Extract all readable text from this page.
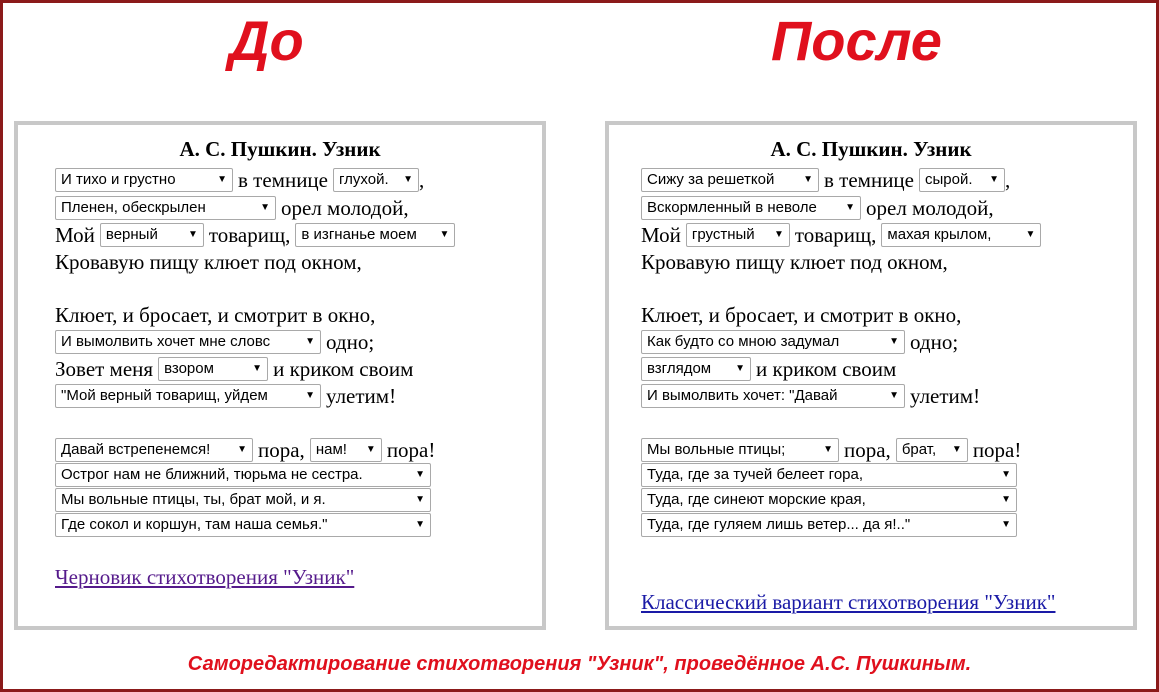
До	После
А. С. Пушкин. Узник
И тихо и грустно	▼ в темнице глухой. ▼ ,
Пленен, обескрылен	▼ орел молодой,
Мой верный	▼ товарищ, в изгнанье моем ▼
Кровавую пищу клюет под окном,
Клюет, и бросает, и смотрит в окно,
И вымолвить хочет мне словс	▼ одно;
Зовет меня взором	▼ и криком своим
"Мой верный товарищ, уйдем	▼ улетим!
Давай встрепенемся!	▼ пора, нам! ▼ пора!
Острог нам не ближний, тюрьма не сестра.	▼
Мы вольные птицы, ты, брат мой, и я.	▼
Где сокол и коршун, там наша семья."	▼
Черновик стихотворения "Узник"
А. С. Пушкин. Узник
Сижу за решеткой	▼ в темнице сырой. ▼ ,
Вскормленный в неволе	▼ орел молодой,
Мой грустный ▼ товарищ, махая крылом,	▼
Кровавую пищу клюет под окном,
Клюет, и бросает, и смотрит в окно,
Как будто со мною задумал	▼ одно;
взглядом ▼ и криком своим
И вымолвить хочет: "Давай	▼ улетим!
Мы вольные птицы;	▼ пора, брат, ▼ пора!
Туда, где за тучей белеет гора,	▼
Туда, где синеют морские края,	▼
Туда, где гуляем лишь ветер... да я!.."	▼
Классический вариант стихотворения "Узник"
Саморедактирование стихотворения "Узник", проведённое А.С. Пушкиным.
